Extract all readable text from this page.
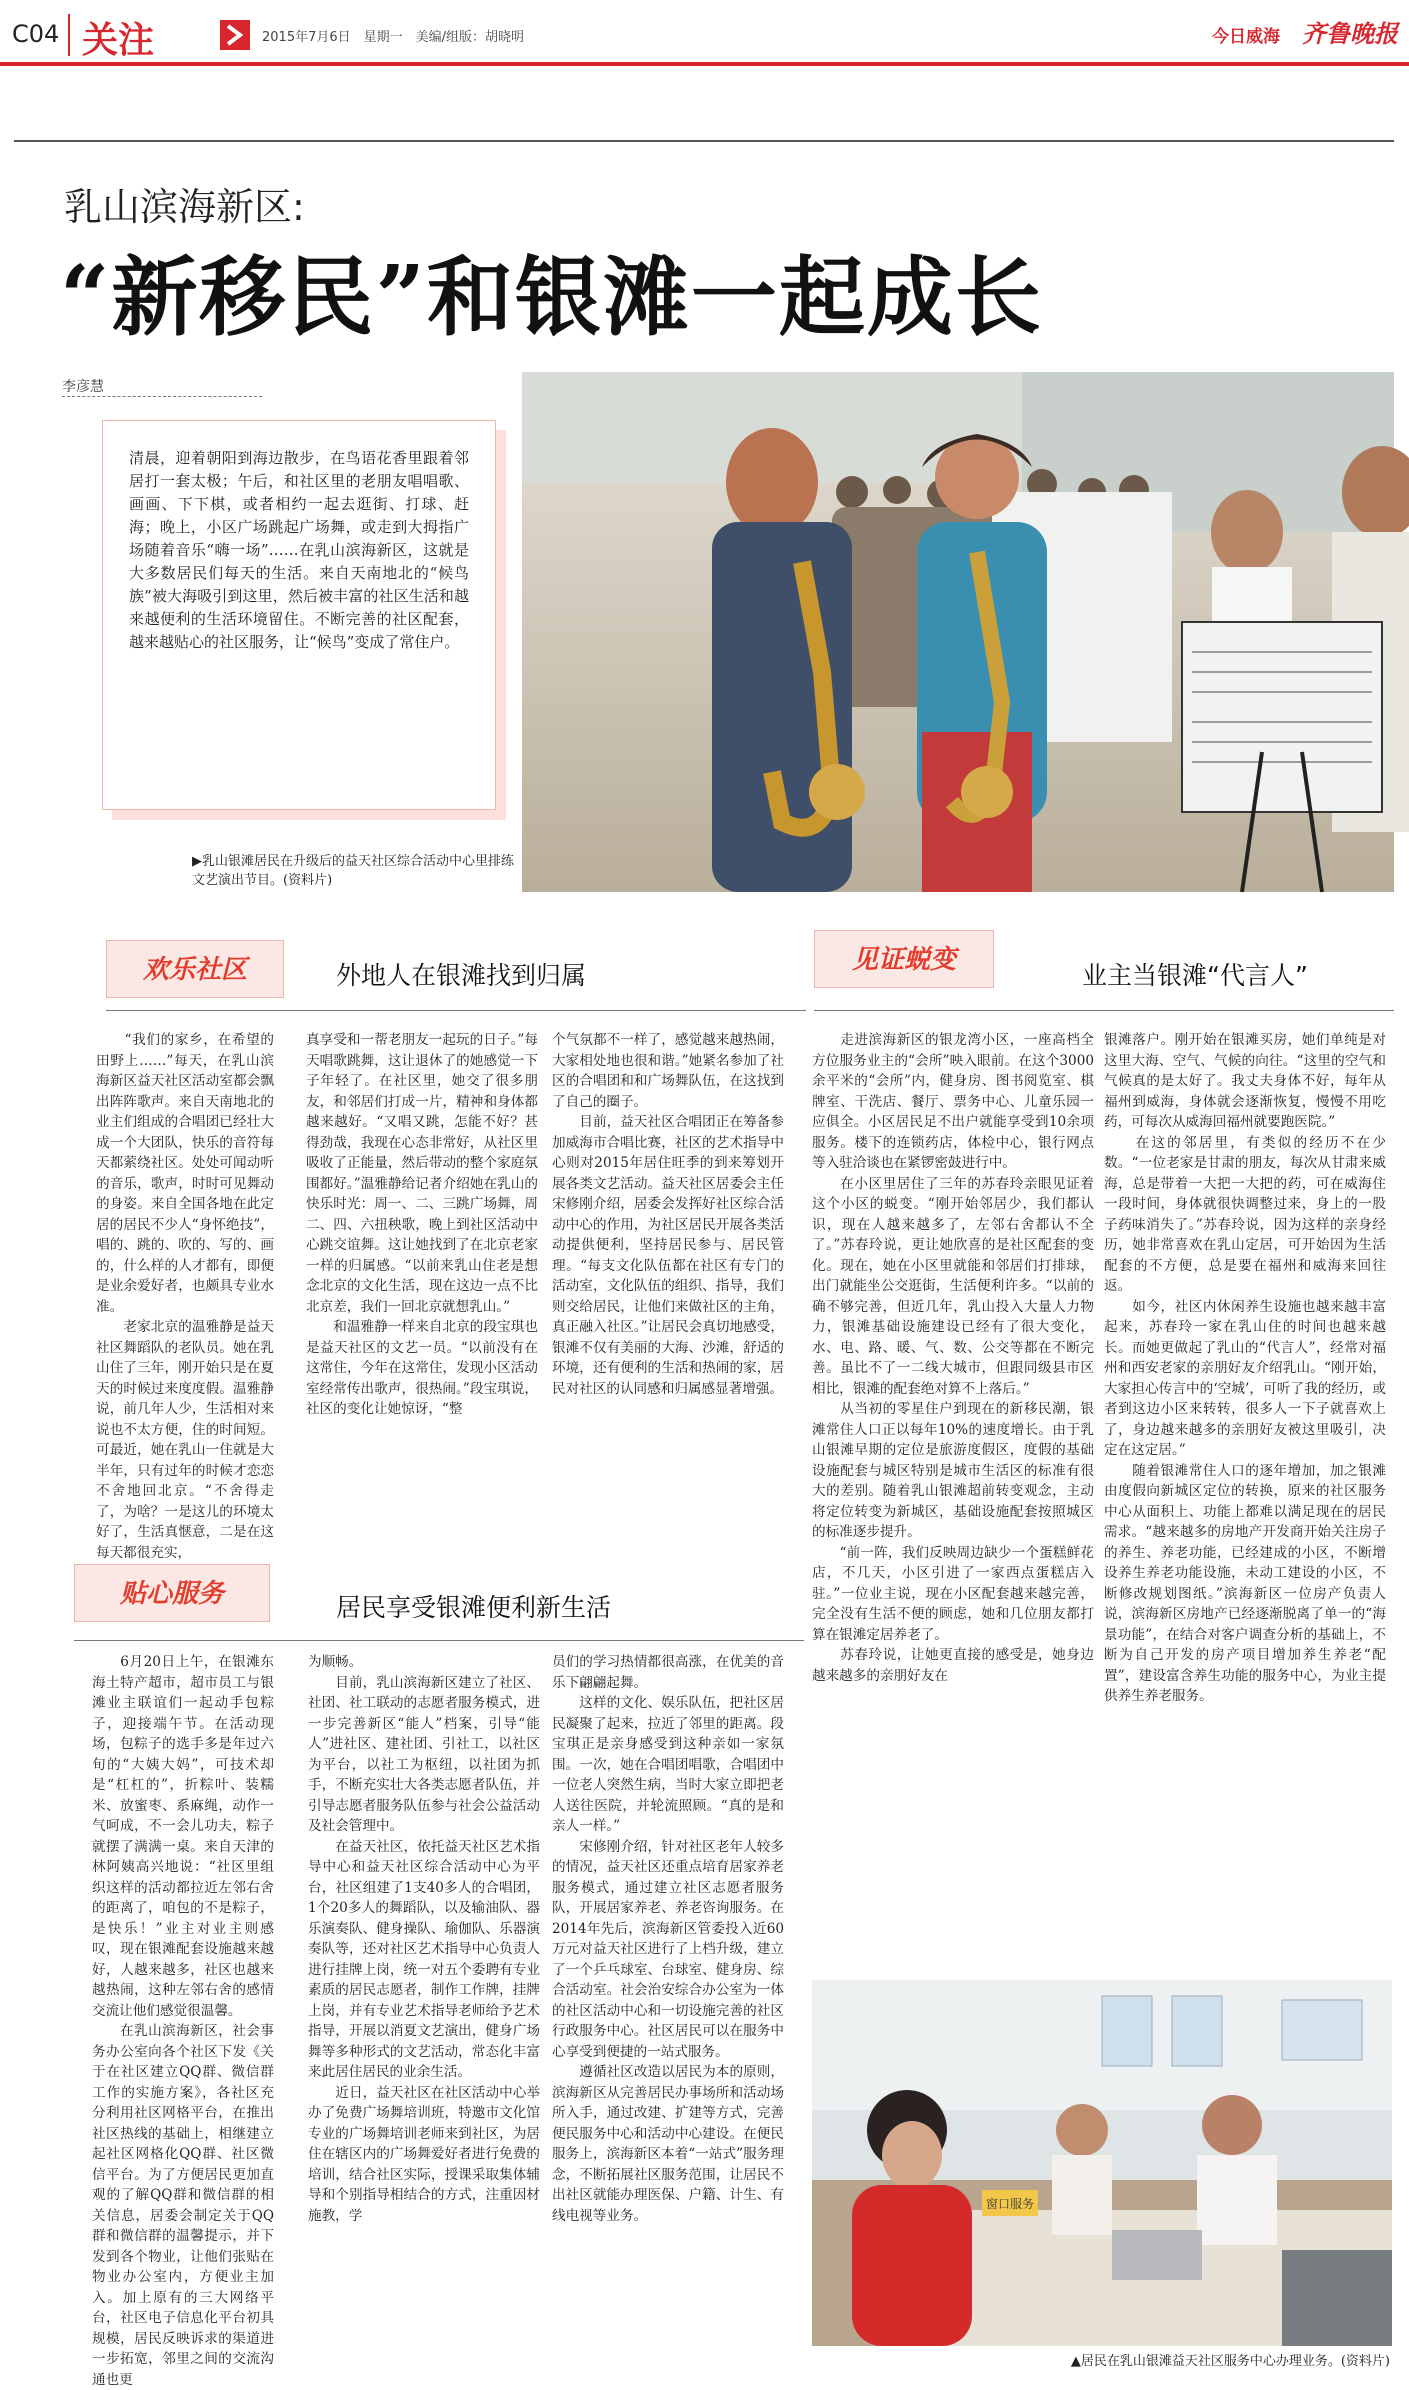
C04 关注	2015年7月6日　星期一　美编/组版：胡晓明	今日威海 齐鲁晚报
乳山滨海新区:
“新移民”和银滩一起成长
李彦慧
清晨，迎着朝阳到海边散步，在鸟语花香里跟着邻居打一套太极；午后，和社区里的老朋友唱唱歌、画画、下下棋，或者相约一起去逛街、打球、赶海；晚上，小区广场跳起广场舞，或走到大拇指广场随着音乐“嗨一场”……在乳山滨海新区，这就是大多数居民们每天的生活。来自天南地北的“候鸟族”被大海吸引到这里，然后被丰富的社区生活和越来越便利的生活环境留住。不断完善的社区配套，越来越贴心的社区服务，让“候鸟”变成了常住户。
▶乳山银滩居民在升级后的益天社区综合活动中心里排练文艺演出节目。(资料片)
欢乐社区	外地人在银滩找到归属
　　“我们的家乡，在希望的田野上……”每天，在乳山滨海新区益天社区活动室都会飘出阵阵歌声。来自天南地北的业主们组成的合唱团已经壮大成一个大团队，快乐的音符每天都萦绕社区。处处可闻动听的音乐，歌声，时时可见舞动的身姿。来自全国各地在此定居的居民不少人“身怀绝技”，唱的、跳的、吹的、写的、画的，什么样的人才都有，即便是业余爱好者，也颇具专业水准。
　　老家北京的温雅静是益天社区舞蹈队的老队员。她在乳山住了三年，刚开始只是在夏天的时候过来度度假。温雅静说，前几年人少，生活相对来说也不太方便，住的时间短。可最近，她在乳山一住就是大半年，只有过年的时候才恋恋不舍地回北京。“不舍得走了，为啥？一是这儿的环境太好了，生活真惬意，二是在这每天都很充实，
真享受和一帮老朋友一起玩的日子。”每天唱歌跳舞，这让退休了的她感觉一下子年轻了。在社区里，她交了很多朋友，和邻居们打成一片，精神和身体都越来越好。“又唱又跳，怎能不好？甚得劲哉，我现在心态非常好，从社区里吸收了正能量，然后带动的整个家庭氛围都好。”温雅静给记者介绍她在乳山的快乐时光：周一、二、三跳广场舞，周二、四、六扭秧歌，晚上到社区活动中心跳交谊舞。这让她找到了在北京老家一样的归属感。“以前来乳山住老是想念北京的文化生活，现在这边一点不比北京差，我们一回北京就想乳山。”
　　和温雅静一样来自北京的段宝琪也是益天社区的文艺一员。“以前没有在这常住，今年在这常住，发现小区活动室经常传出歌声，很热闹。”段宝琪说，社区的变化让她惊讶，“整
个气氛都不一样了，感觉越来越热闹，大家相处地也很和谐。”她紧名参加了社区的合唱团和和广场舞队伍，在这找到了自己的圈子。
　　目前，益天社区合唱团正在筹备参加威海市合唱比赛，社区的艺术指导中心则对2015年居住旺季的到来筹划开展各类文艺活动。益天社区居委会主任宋修刚介绍，居委会发挥好社区综合活动中心的作用，为社区居民开展各类活动提供便利，坚持居民参与、居民管理。“每支文化队伍都在社区有专门的活动室，文化队伍的组织、指导，我们则交给居民，让他们来做社区的主角，真正融入社区。”让居民会真切地感受，银滩不仅有美丽的大海、沙滩，舒适的环境，还有便利的生活和热闹的家，居民对社区的认同感和归属感显著增强。
见证蜕变
业主当银滩“代言人”
　　走进滨海新区的银龙湾小区，一座高档全方位服务业主的“会所”映入眼前。在这个3000余平米的“会所”内，健身房、图书阅览室、棋牌室、干洗店、餐厅、票务中心、儿童乐园一应俱全。小区居民足不出户就能享受到10余项服务。楼下的连锁药店，体检中心，银行网点等入驻洽谈也在紧锣密鼓进行中。
　　在小区里居住了三年的苏春玲亲眼见证着这个小区的蜕变。“刚开始邻居少，我们都认识，现在人越来越多了，左邻右舍都认不全了。”苏春玲说，更让她欣喜的是社区配套的变化。现在，她在小区里就能和邻居们打排球，出门就能坐公交逛街，生活便利许多。“以前的确不够完善，但近几年，乳山投入大量人力物力，银滩基础设施建设已经有了很大变化，水、电、路、暖、气、数、公交等都在不断完善。虽比不了一二线大城市，但跟同级县市区相比，银滩的配套绝对算不上落后。”
　　从当初的零星住户到现在的新移民潮，银滩常住人口正以每年10%的速度增长。由于乳山银滩早期的定位是旅游度假区，度假的基础设施配套与城区特别是城市生活区的标准有很大的差别。随着乳山银滩超前转变观念，主动将定位转变为新城区，基础设施配套按照城区的标准逐步提升。
　　“前一阵，我们反映周边缺少一个蛋糕鲜花店，不几天，小区引进了一家西点蛋糕店入驻。”一位业主说，现在小区配套越来越完善，完全没有生活不便的顾虑，她和几位朋友都打算在银滩定居养老了。
　　苏春玲说，让她更直接的感受是，她身边越来越多的亲朋好友在
银滩落户。刚开始在银滩买房，她们单纯是对这里大海、空气、气候的向往。“这里的空气和气候真的是太好了。我丈夫身体不好，每年从福州到威海，身体就会逐渐恢复，慢慢不用吃药，可每次从威海回福州就要跑医院。”
　　在这的邻居里，有类似的经历不在少数。“一位老家是甘肃的朋友，每次从甘肃来威海，总是带着一大把一大把的药，可在威海住一段时间，身体就很快调整过来，身上的一股子药味消失了。”苏春玲说，因为这样的亲身经历，她非常喜欢在乳山定居，可开始因为生活配套的不方便，总是要在福州和威海来回往返。
　　如今，社区内休闲养生设施也越来越丰富起来，苏春玲一家在乳山住的时间也越来越长。而她更做起了乳山的“代言人”，经常对福州和西安老家的亲朋好友介绍乳山。“刚开始，大家担心传言中的‘空城’，可听了我的经历，或者到这边小区来转转，很多人一下子就喜欢上了，身边越来越多的亲朋好友被这里吸引，决定在这定居。”
　　随着银滩常住人口的逐年增加，加之银滩由度假向新城区定位的转换，原来的社区服务中心从面积上、功能上都难以满足现在的居民需求。“越来越多的房地产开发商开始关注房子的养生、养老功能，已经建成的小区，不断增设养生养老功能设施，未动工建设的小区，不断修改规划图纸。”滨海新区一位房产负责人说，滨海新区房地产已经逐渐脱离了单一的“海景功能”，在结合对客户调查分析的基础上，不断为自己开发的房产项目增加养生养老“配置”，建设富含养生功能的服务中心，为业主提供养生养老服务。
贴心服务	居民享受银滩便利新生活
　　6月20日上午，在银滩东海土特产超市，超市员工与银滩业主联谊们一起动手包粽子，迎接端午节。在活动现场，包粽子的选手多是年过六旬的“大姨大妈”，可技术却是“杠杠的”，折粽叶、装糯米、放蜜枣、系麻绳，动作一气呵成，不一会儿功夫，粽子就摆了满满一桌。来自天津的林阿姨高兴地说：“社区里组织这样的活动都拉近左邻右舍的距离了，咱包的不是粽子，是快乐！”业主对业主则感叹，现在银滩配套设施越来越好，人越来越多，社区也越来越热闹，这种左邻右舍的感情交流让他们感觉很温馨。
　　在乳山滨海新区，社会事务办公室向各个社区下发《关于在社区建立QQ群、微信群工作的实施方案》，各社区充分利用社区网格平台，在推出社区热线的基础上，相继建立起社区网格化QQ群、社区微信平台。为了方便居民更加直观的了解QQ群和微信群的相关信息，居委会制定关于QQ群和微信群的温馨提示，并下发到各个物业，让他们张贴在物业办公室内，方便业主加入。加上原有的三大网络平台，社区电子信息化平台初具规模，居民反映诉求的渠道进一步拓宽，邻里之间的交流沟通也更
为顺畅。
　　目前，乳山滨海新区建立了社区、社团、社工联动的志愿者服务模式，进一步完善新区“能人”档案，引导“能人”进社区、建社团、引社工，以社区为平台，以社工为枢纽，以社团为抓手，不断充实壮大各类志愿者队伍，并引导志愿者服务队伍参与社会公益活动及社会管理中。
　　在益天社区，依托益天社区艺术指导中心和益天社区综合活动中心为平台，社区组建了1支40多人的合唱团，1个20多人的舞蹈队，以及输油队、器乐演奏队、健身操队、瑜伽队、乐器演奏队等，还对社区艺术指导中心负责人进行挂牌上岗，统一对五个委聘有专业素质的居民志愿者，制作工作牌，挂牌上岗，并有专业艺术指导老师给予艺术指导，开展以消夏文艺演出，健身广场舞等多种形式的文艺活动，常态化丰富来此居住居民的业余生活。
　　近日，益天社区在社区活动中心举办了免费广场舞培训班，特邀市文化馆专业的广场舞培训老师来到社区，为居住在辖区内的广场舞爱好者进行免费的培训，结合社区实际，授课采取集体辅导和个别指导相结合的方式，注重因材施教，学
员们的学习热情都很高涨，在优美的音乐下翩翩起舞。
　　这样的文化、娱乐队伍，把社区居民凝聚了起来，拉近了邻里的距离。段宝琪正是亲身感受到这种亲如一家氛围。一次，她在合唱团唱歌，合唱团中一位老人突然生病，当时大家立即把老人送往医院，并轮流照顾。“真的是和亲人一样。”
　　宋修刚介绍，针对社区老年人较多的情况，益天社区还重点培育居家养老服务模式，通过建立社区志愿者服务队，开展居家养老、养老咨询服务。在2014年先后，滨海新区管委投入近60万元对益天社区进行了上档升级，建立了一个乒乓球室、台球室、健身房、综合活动室。社会治安综合办公室为一体的社区活动中心和一切设施完善的社区行政服务中心。社区居民可以在服务中心享受到便捷的一站式服务。
　　遵循社区改造以居民为本的原则，滨海新区从完善居民办事场所和活动场所入手，通过改建、扩建等方式，完善便民服务中心和活动中心建设。在便民服务上，滨海新区本着“一站式”服务理念，不断拓展社区服务范围，让居民不出社区就能办理医保、户籍、计生、有线电视等业务。
窗口服务
▲居民在乳山银滩益天社区服务中心办理业务。(资料片)
